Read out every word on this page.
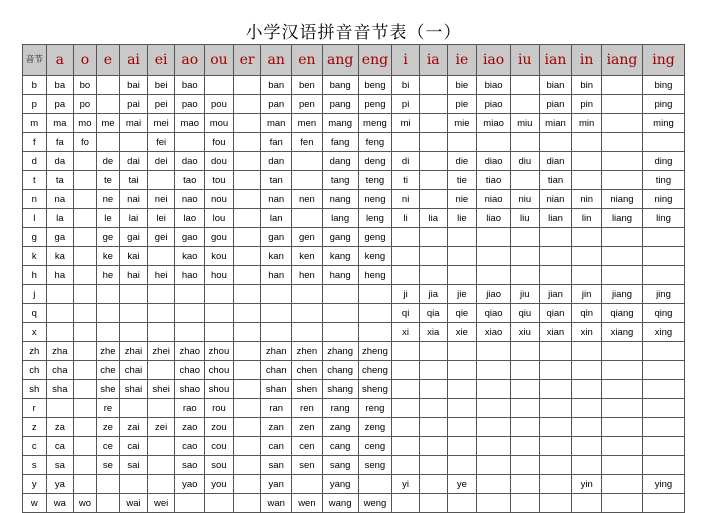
小学汉语拼音音节表（一）
音节	a	o	e	ai	ei	ao	ou	er	an	en	ang	eng	i	ia	ie	iao	iu	ian	in	iang	ing
b	ba	bo		bai	bei	bao			ban	ben	bang	beng	bi		bie	biao		bian	bin		bing
p	pa	po		pai	pei	pao	pou		pan	pen	pang	peng	pi		pie	piao		pian	pin		ping
m	ma	mo	me	mai	mei	mao	mou		man	men	mang	meng	mi		mie	miao	miu	mian	min		ming
f	fa	fo			fei		fou		fan	fen	fang	feng									
d	da		de	dai	dei	dao	dou		dan		dang	deng	di		die	diao	diu	dian			ding
t	ta		te	tai		tao	tou		tan		tang	teng	ti		tie	tiao		tian			ting
n	na		ne	nai	nei	nao	nou		nan	nen	nang	neng	ni		nie	niao	niu	nian	nin	niang	ning
l	la		le	lai	lei	lao	lou		lan		lang	leng	li	lia	lie	liao	liu	lian	lin	liang	ling
g	ga		ge	gai	gei	gao	gou		gan	gen	gang	geng									
k	ka		ke	kai		kao	kou		kan	ken	kang	keng									
h	ha		he	hai	hei	hao	hou		han	hen	hang	heng									
j													ji	jia	jie	jiao	jiu	jian	jin	jiang	jing
q													qi	qia	qie	qiao	qiu	qian	qin	qiang	qing
x													xi	xia	xie	xiao	xiu	xian	xin	xiang	xing
zh	zha		zhe	zhai	zhei	zhao	zhou		zhan	zhen	zhang	zheng									
ch	cha		che	chai		chao	chou		chan	chen	chang	cheng									
sh	sha		she	shai	shei	shao	shou		shan	shen	shang	sheng									
r			re			rao	rou		ran	ren	rang	reng									
z	za		ze	zai	zei	zao	zou		zan	zen	zang	zeng									
c	ca		ce	cai		cao	cou		can	cen	cang	ceng									
s	sa		se	sai		sao	sou		san	sen	sang	seng									
y	ya					yao	you		yan		yang		yi		ye				yin		ying
w	wa	wo		wai	wei				wan	wen	wang	weng									
